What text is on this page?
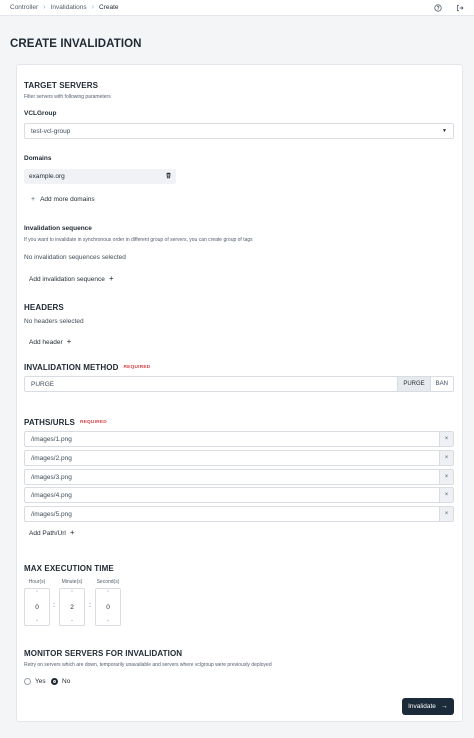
Controller › Invalidations › Create
CREATE INVALIDATION
TARGET SERVERS
Filter servers with following parameters
VCLGroup
test-vcl-group	▼
Domains
example.org
+ Add more domains
Invalidation sequence
If you want to invalidate in synchronous order in different group of servers, you can create group of tags
No invalidation sequences selected
Add invalidation sequence +
HEADERS
No headers selected
Add header +
INVALIDATION METHOD REQUIRED
PURGE	PURGE	BAN
PATHS/URLS REQUIRED
/images/1.png	×
/images/2.png	×
/images/3.png	×
/images/4.png	×
/images/5.png	×
Add Path/Url +
MAX EXECUTION TIME
Hour(s)	Minute(s)	Second(s)
⌃
0
⌄
:
⌃
2
⌄
:
⌃
0
⌄
MONITOR SERVERS FOR INVALIDATION
Retry on servers which are down, temporarily unavailable and servers where vclgroup were previously deployed
Yes	No
Invalidate →
